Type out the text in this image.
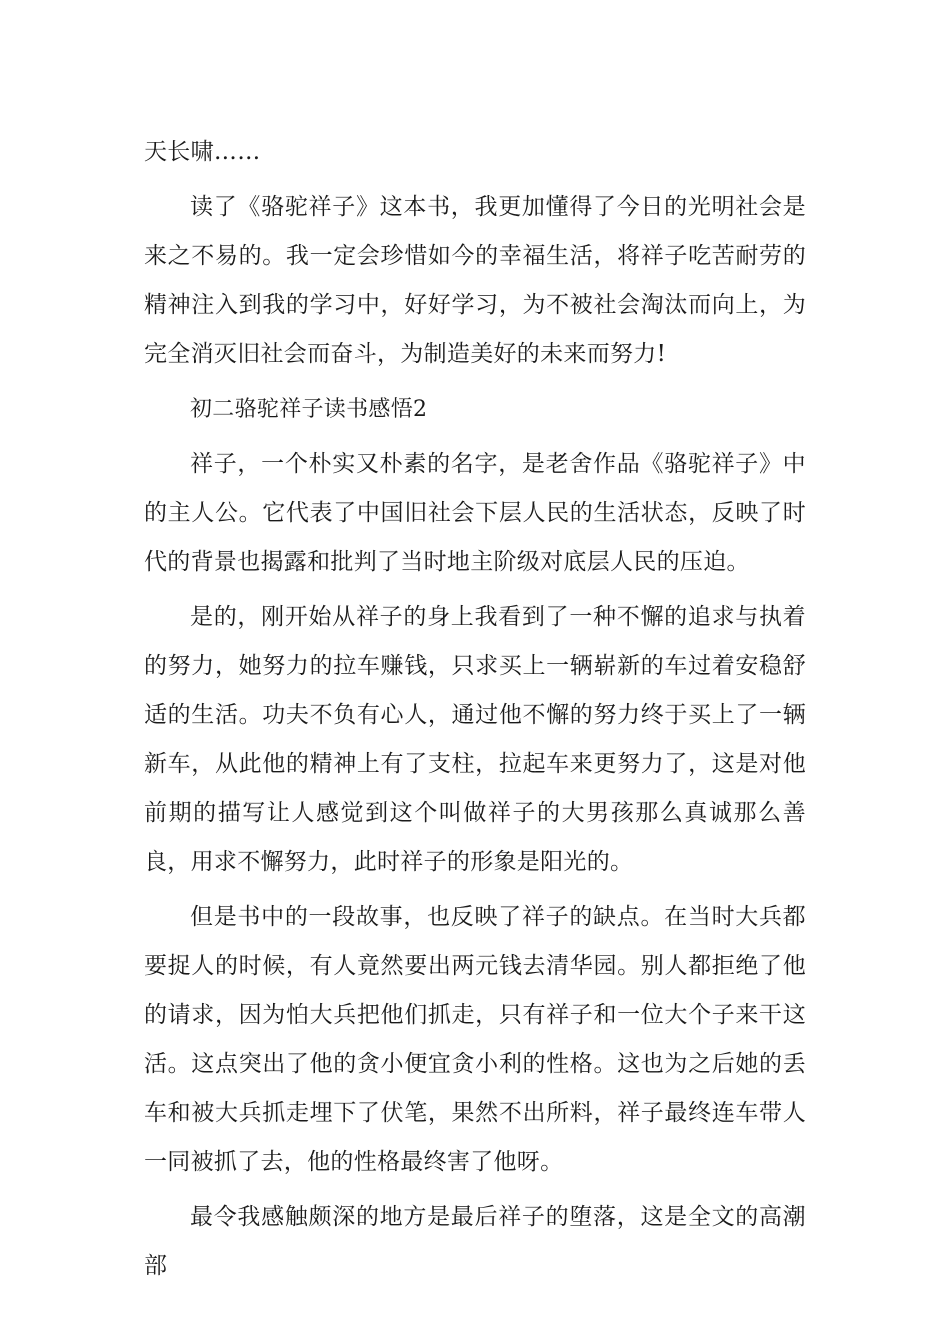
天长啸……

读了《骆驼祥子》这本书，我更加懂得了今日的光明社会是来之不易的。我一定会珍惜如今的幸福生活，将祥子吃苦耐劳的精神注入到我的学习中，好好学习，为不被社会淘汰而向上，为完全消灭旧社会而奋斗，为制造美好的未来而努力!

初二骆驼祥子读书感悟2

祥子，一个朴实又朴素的名字，是老舍作品《骆驼祥子》中的主人公。它代表了中国旧社会下层人民的生活状态，反映了时代的背景也揭露和批判了当时地主阶级对底层人民的压迫。

是的，刚开始从祥子的身上我看到了一种不懈的追求与执着的努力，她努力的拉车赚钱，只求买上一辆崭新的车过着安稳舒适的生活。功夫不负有心人，通过他不懈的努力终于买上了一辆新车，从此他的精神上有了支柱，拉起车来更努力了，这是对他前期的描写让人感觉到这个叫做祥子的大男孩那么真诚那么善良，用求不懈努力，此时祥子的形象是阳光的。

但是书中的一段故事，也反映了祥子的缺点。在当时大兵都要捉人的时候，有人竟然要出两元钱去清华园。别人都拒绝了他的请求，因为怕大兵把他们抓走，只有祥子和一位大个子来干这活。这点突出了他的贪小便宜贪小利的性格。这也为之后她的丢车和被大兵抓走埋下了伏笔，果然不出所料，祥子最终连车带人一同被抓了去，他的性格最终害了他呀。

最令我感触颇深的地方是最后祥子的堕落，这是全文的高潮部
